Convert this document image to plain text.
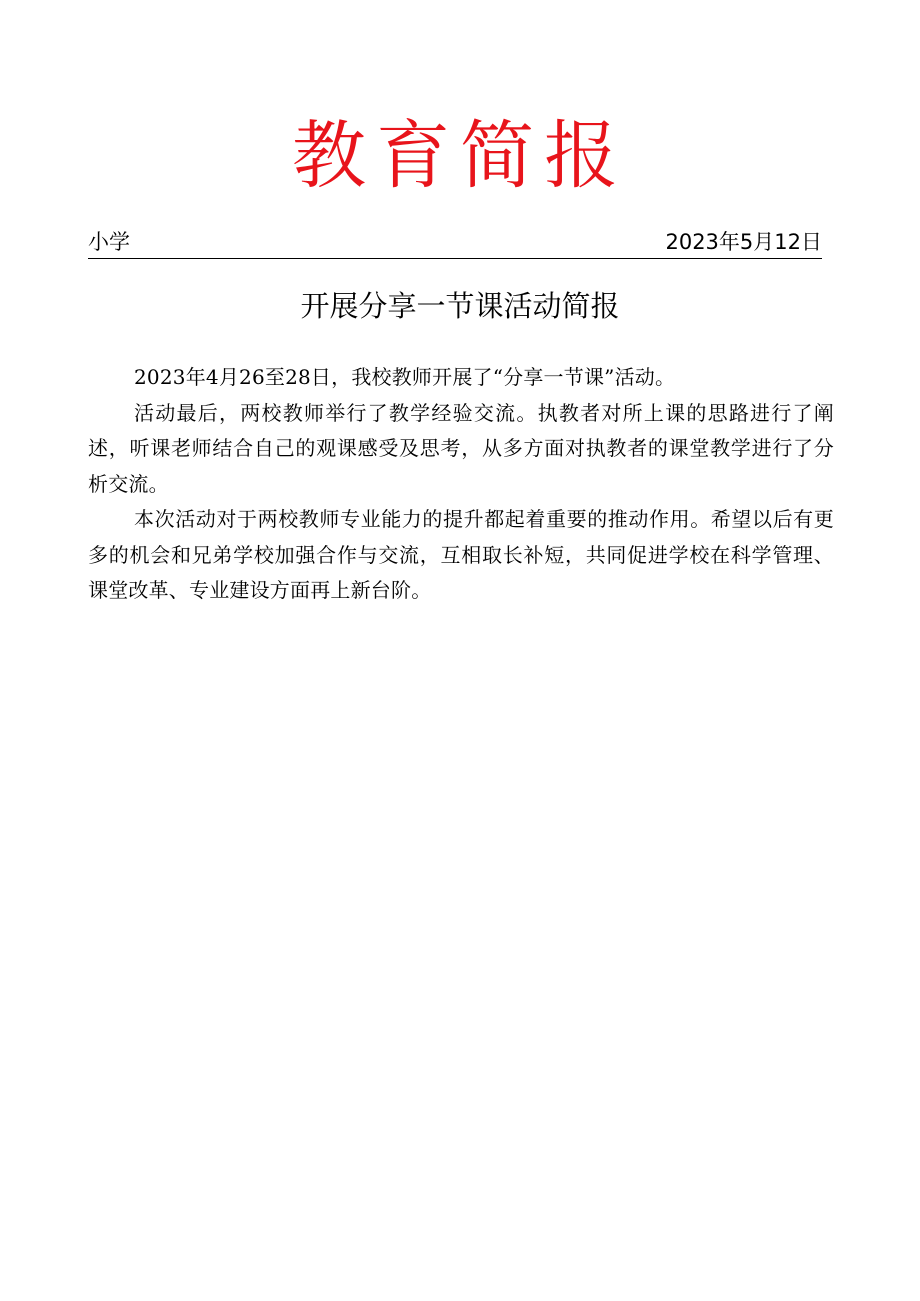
教育简报
小学	2023年5月12日
开展分享一节课活动简报

2023年4月26至28日，我校教师开展了“分享一节课”活动。

活动最后，两校教师举行了教学经验交流。执教者对所上课的思路进行了阐述，听课老师结合自己的观课感受及思考，从多方面对执教者的课堂教学进行了分析交流。

本次活动对于两校教师专业能力的提升都起着重要的推动作用。希望以后有更多的机会和兄弟学校加强合作与交流，互相取长补短，共同促进学校在科学管理、课堂改革、专业建设方面再上新台阶。
